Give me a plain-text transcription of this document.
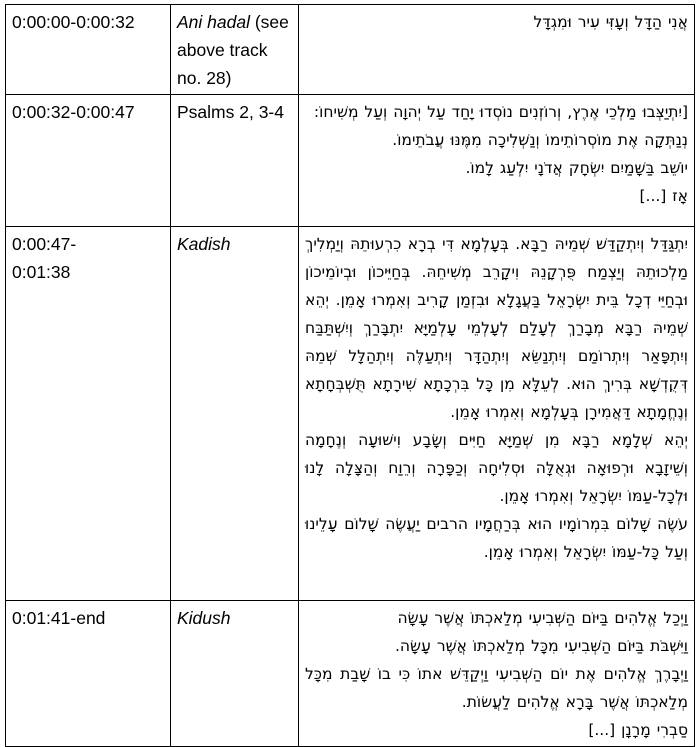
0:00:00-0:00:32	Ani hadal (see above track no. 28)	אֲנִי הַדָּל וְעָזִּי עִיר וּמִגְדָּל

0:00:32-0:00:47	Psalms 2, 3-4	[יִתְיַצְּבוּ מַלְכֵי אֶרֶץ, וְרוֹזְנִים נוֹסְדוּ יָחַד עַל יְהוָה וְעַל מְשִׁיחוֹ:
נְנַתְּקָה אֶת מוֹסְרוֹתֵימוֹ וְנַשְׁלִיכָה מִמֶּנּוּ עֲבֹתֵימוֹ.
יוֹשֵׁב בַּשָּׁמַיִם יִשְׂחָק אֲדֹנָי יִלְעַג לָמוֹ.
אָז [...]

0:00:47-0:01:38	Kadish	יִתְגַּדַּל וְיִתְקַדַּשׁ שְׁמֵיהּ רַבָּא. בְּעָלְמָא דִּי בְרָא כִרְעוּתֵהּ וְיַמְלִיךְ מַלְכוּתֵהּ וְיַצְמַח פֻּרְקָנֵהּ וִיקָרֵב מְשִׁיחֵהּ. בְּחַיֵּיכוֹן וּבְיוֹמֵיכוֹן וּבְחַיֵּי דְכָל בֵּית יִשְׂרָאֵל בַּעֲגָלָא וּבִזְמַן קָרִיב וְאִמְרוּ אָמֵן. יְהֵא שְׁמֵיהּ רַבָּא מְבָרַךְ לְעָלַם לְעָלְמֵי עָלְמַיָּא יִתְבָּרַךְ וְיִשְׁתַּבַּח וְיִתְפָּאַר וְיִתְרוֹמַם וְיִתְנַשֵּׂא וְיִתְהַדָּר וְיִתְעַלֶּה וְיִתְהַלָּל שְׁמֵהּ דְּקֻדְשָׁא בְּרִיךְ הוּא. לְעֵלָּא מִן כָּל בִּרְכָתָא שִׁירָתָא תֻּשְׁבְּחָתָא וְנֶחֱמָתָא דַּאֲמִירָן בְּעָלְמָא וְאִמְרוּ אָמֵן.
יְהֵא שְׁלָמָא רַבָּא מִן שְׁמַיָּא חַיִּים וְשָׂבָע וִישׁוּעָה וְנֶחָמָה וְשֵׁיזָבָא וּרְפוּאָה וּגְאֻלָּה וּסְלִיחָה וְכַפָּרָה וְרֵוַח וְהַצָּלָה לָנוּ וּלְכָל-עַמּוֹ יִשְׂרָאֵל וְאִמְרוּ אָמֵן.
עֹשֶׂה שָׁלוֹם בִּמְרוֹמָיו הוּא בְּרַחֲמָיו הרבים יַעֲשֶׂה שָׁלוֹם עָלֵינוּ וְעַל כָּל-עַמּוֹ יִשְׂרָאֵל וְאִמְרוּ אָמֵן.

0:01:41-end	Kidush	וַיְכַל אֱלֹהִים בַּיּוֹם הַשְּׁבִיעִי מְלַאכְתּוֹ אֲשֶׁר עָשָׂה
וַיִּשְׁבֹּת בַּיּוֹם הַשְּׁבִיעִי מִכָּל מְלַאכְתּוֹ אֲשֶׁר עָשָׂה.
וַיְבָרֶךְ אֱלֹהִים אֶת יוֹם הַשְּׁבִיעִי וַיְקַדֵּשׁ אתוֹ כִּי בוֹ שָׁבַת מִכָּל מְלַאכְתּוֹ אֲשֶׁר בָּרָא אֱלֹהִים לַעֲשׂוֹת.
סַבְרִי מָרָנָן [...]
